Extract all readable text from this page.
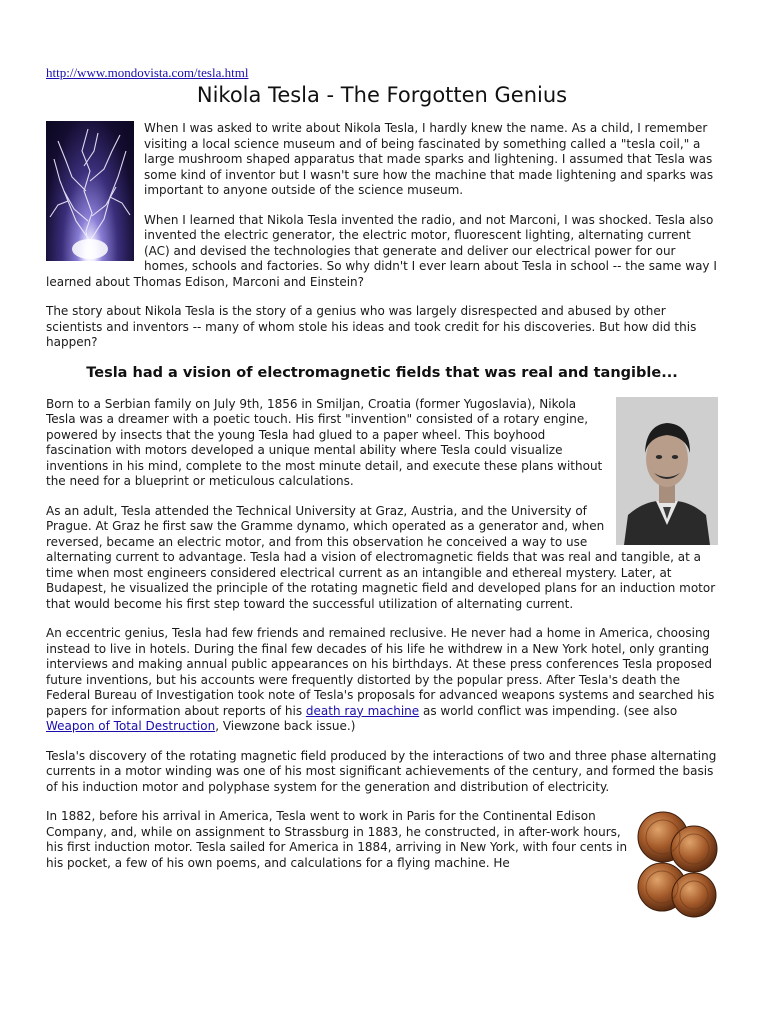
http://www.mondovista.com/tesla.html
Nikola Tesla - The Forgotten Genius

When I was asked to write about Nikola Tesla, I hardly knew the name. As a child, I remember visiting a local science museum and of being fascinated by something called a "tesla coil," a large mushroom shaped apparatus that made sparks and lightening. I assumed that Tesla was some kind of inventor but I wasn't sure how the machine that made lightening and sparks was important to anyone outside of the science museum.

When I learned that Nikola Tesla invented the radio, and not Marconi, I was shocked. Tesla also invented the electric generator, the electric motor, fluorescent lighting, alternating current (AC) and devised the technologies that generate and deliver our electrical power for our homes, schools and factories. So why didn't I ever learn about Tesla in school -- the same way I learned about Thomas Edison, Marconi and Einstein?

The story about Nikola Tesla is the story of a genius who was largely disrespected and abused by other scientists and inventors -- many of whom stole his ideas and took credit for his discoveries. But how did this happen?

Tesla had a vision of electromagnetic fields that was real and tangible...

Born to a Serbian family on July 9th, 1856 in Smiljan, Croatia (former Yugoslavia), Nikola Tesla was a dreamer with a poetic touch. His first "invention" consisted of a rotary engine, powered by insects that the young Tesla had glued to a paper wheel. This boyhood fascination with motors developed a unique mental ability where Tesla could visualize inventions in his mind, complete to the most minute detail, and execute these plans without the need for a blueprint or meticulous calculations.

As an adult, Tesla attended the Technical University at Graz, Austria, and the University of Prague. At Graz he first saw the Gramme dynamo, which operated as a generator and, when reversed, became an electric motor, and from this observation he conceived a way to use alternating current to advantage. Tesla had a vision of electromagnetic fields that was real and tangible, at a time when most engineers considered electrical current as an intangible and ethereal mystery. Later, at Budapest, he visualized the principle of the rotating magnetic field and developed plans for an induction motor that would become his first step toward the successful utilization of alternating current.

An eccentric genius, Tesla had few friends and remained reclusive. He never had a home in America, choosing instead to live in hotels. During the final few decades of his life he withdrew in a New York hotel, only granting interviews and making annual public appearances on his birthdays. At these press conferences Tesla proposed future inventions, but his accounts were frequently distorted by the popular press. After Tesla's death the Federal Bureau of Investigation took note of Tesla's proposals for advanced weapons systems and searched his papers for information about reports of his death ray machine as world conflict was impending. (see also Weapon of Total Destruction, Viewzone back issue.)

Tesla's discovery of the rotating magnetic field produced by the interactions of two and three phase alternating currents in a motor winding was one of his most significant achievements of the century, and formed the basis of his induction motor and polyphase system for the generation and distribution of electricity.

In 1882, before his arrival in America, Tesla went to work in Paris for the Continental Edison Company, and, while on assignment to Strassburg in 1883, he constructed, in after-work hours, his first induction motor. Tesla sailed for America in 1884, arriving in New York, with four cents in his pocket, a few of his own poems, and calculations for a flying machine. He
